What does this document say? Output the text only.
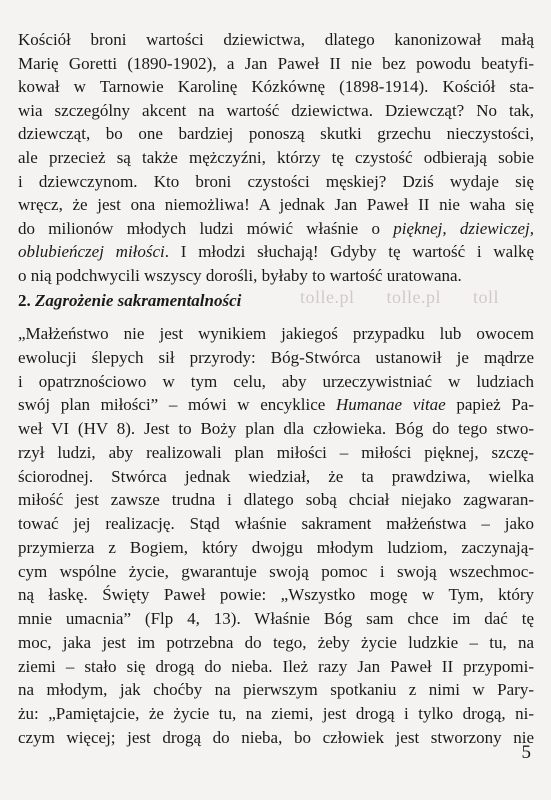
Kościół broni wartości dziewictwa, dlatego kanonizował małą
Marię Goretti (1890-1902), a Jan Paweł II nie bez powodu beatyfi-
kował w Tarnowie Karolinę Kózkównę (1898-1914). Kościół sta-
wia szczególny akcent na wartość dziewictwa. Dziewcząt? No tak,
dziewcząt, bo one bardziej ponoszą skutki grzechu nieczystości,
ale przecież są także mężczyźni, którzy tę czystość odbierają sobie
i dziewczynom. Kto broni czystości męskiej? Dziś wydaje się
wręcz, że jest ona niemożliwa! A jednak Jan Paweł II nie waha się
do milionów młodych ludzi mówić właśnie o pięknej, dziewiczej,
oblubieńczej miłości. I młodzi słuchają! Gdyby tę wartość i walkę
o nią podchwycili wszyscy dorośli, byłaby to wartość uratowana.
2. Zagrożenie sakramentalności	tolle.pl tolle.pl toll
„Małżeństwo nie jest wynikiem jakiegoś przypadku lub owocem
ewolucji ślepych sił przyrody: Bóg-Stwórca ustanowił je mądrze
i opatrznościowo w tym celu, aby urzeczywistniać w ludziach
swój plan miłości” – mówi w encyklice Humanae vitae papież Pa-
weł VI (HV 8). Jest to Boży plan dla człowieka. Bóg do tego stwo-
rzył ludzi, aby realizowali plan miłości – miłości pięknej, szczę-
ściorodnej. Stwórca jednak wiedział, że ta prawdziwa, wielka
miłość jest zawsze trudna i dlatego sobą chciał niejako zagwaran-
tować jej realizację. Stąd właśnie sakrament małżeństwa – jako
przymierza z Bogiem, który dwojgu młodym ludziom, zaczynają-
cym wspólne życie, gwarantuje swoją pomoc i swoją wszechmoc-
ną łaskę. Święty Paweł powie: „Wszystko mogę w Tym, który
mnie umacnia” (Flp 4, 13). Właśnie Bóg sam chce im dać tę
moc, jaka jest im potrzebna do tego, żeby życie ludzkie – tu, na
ziemi – stało się drogą do nieba. Ileż razy Jan Paweł II przypomi-
na młodym, jak choćby na pierwszym spotkaniu z nimi w Pary-
żu: „Pamiętajcie, że życie tu, na ziemi, jest drogą i tylko drogą, ni-
czym więcej; jest drogą do nieba, bo człowiek jest stworzony nie
5
